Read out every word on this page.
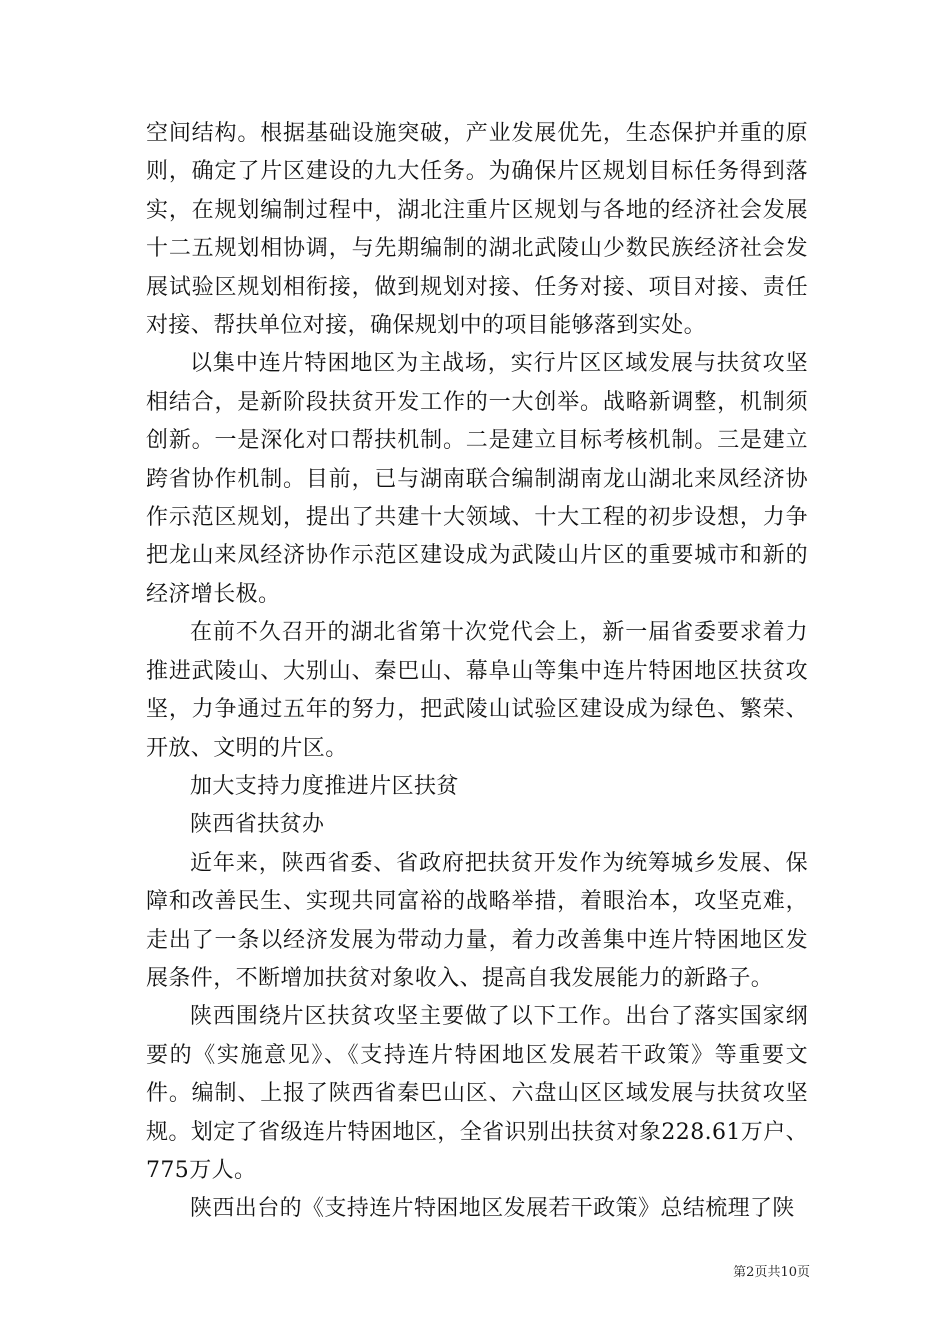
空间结构。根据基础设施突破，产业发展优先，生态保护并重的原则，确定了片区建设的九大任务。为确保片区规划目标任务得到落实，在规划编制过程中，湖北注重片区规划与各地的经济社会发展十二五规划相协调，与先期编制的湖北武陵山少数民族经济社会发展试验区规划相衔接，做到规划对接、任务对接、项目对接、责任对接、帮扶单位对接，确保规划中的项目能够落到实处。

以集中连片特困地区为主战场，实行片区区域发展与扶贫攻坚相结合，是新阶段扶贫开发工作的一大创举。战略新调整，机制须创新。一是深化对口帮扶机制。二是建立目标考核机制。三是建立跨省协作机制。目前，已与湖南联合编制湖南龙山湖北来凤经济协作示范区规划，提出了共建十大领域、十大工程的初步设想，力争把龙山来凤经济协作示范区建设成为武陵山片区的重要城市和新的经济增长极。

在前不久召开的湖北省第十次党代会上，新一届省委要求着力推进武陵山、大别山、秦巴山、幕阜山等集中连片特困地区扶贫攻坚，力争通过五年的努力，把武陵山试验区建设成为绿色、繁荣、开放、文明的片区。

加大支持力度推进片区扶贫

陕西省扶贫办

近年来，陕西省委、省政府把扶贫开发作为统筹城乡发展、保障和改善民生、实现共同富裕的战略举措，着眼治本，攻坚克难，走出了一条以经济发展为带动力量，着力改善集中连片特困地区发展条件，不断增加扶贫对象收入、提高自我发展能力的新路子。

陕西围绕片区扶贫攻坚主要做了以下工作。出台了落实国家纲要的《实施意见》、《支持连片特困地区发展若干政策》等重要文件。编制、上报了陕西省秦巴山区、六盘山区区域发展与扶贫攻坚规。划定了省级连片特困地区，全省识别出扶贫对象228.61万户、775万人。

陕西出台的《支持连片特困地区发展若干政策》总结梳理了陕

第2页共10页
